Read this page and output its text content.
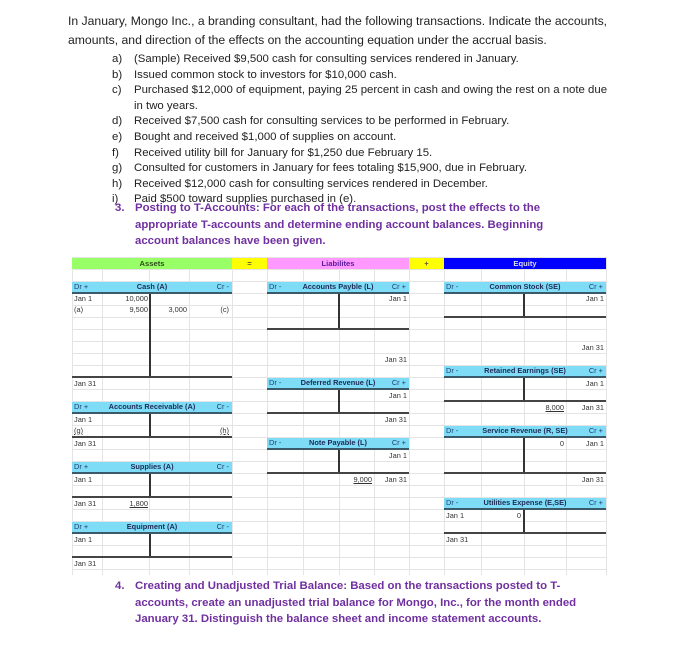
In January, Mongo Inc., a branding consultant, had the following transactions. Indicate the accounts, amounts, and direction of the effects on the accounting equation under the accrual basis.
a) (Sample) Received $9,500 cash for consulting services rendered in January.
b) Issued common stock to investors for $10,000 cash.
c) Purchased $12,000 of equipment, paying 25 percent in cash and owing the rest on a note due in two years.
d) Received $7,500 cash for consulting services to be performed in February.
e) Bought and received $1,000 of supplies on account.
f) Received utility bill for January for $1,250 due February 15.
g) Consulted for customers in January for fees totaling $15,900, due in February.
h) Received $12,000 cash for consulting services rendered in December.
i) Paid $500 toward supplies purchased in (e).
3. Posting to T-Accounts: For each of the transactions, post the effects to the appropriate T-accounts and determine ending account balances. Beginning account balances have been given.
Assets	=	Liabilites	+	Equity
Dr +	Cash (A)	Cr -
Jan 1	10,000
(a)	9,500	3,000	(c)
Jan 31
Dr +	Accounts Receivable (A)	Cr -
Jan 1
(g)	(h)
Jan 31
Dr +	Supplies (A)	Cr -
Jan 1
Jan 31	1,800
Dr +	Equipment (A)	Cr -
Jan 1
Jan 31
Dr -	Accounts Payble (L)	Cr +
Jan 1
Jan 31
Dr -	Deferred Revenue (L)	Cr +
Jan 1
Jan 31
Dr -	Note Payable (L)	Cr +
Jan 1
9,000	Jan 31
Dr -	Common Stock (SE)	Cr +
Jan 1
Jan 31
Dr -	Retained Earnings (SE)	Cr +
Jan 1
8,000	Jan 31
Dr -	Service Revenue (R, SE)	Cr +
0	Jan 1
Jan 31
Dr -	Utilities Expense (E,SE)	Cr +
Jan 1	0
Jan 31
4. Creating and Unadjusted Trial Balance: Based on the transactions posted to T-accounts, create an unadjusted trial balance for Mongo, Inc., for the month ended January 31. Distinguish the balance sheet and income statement accounts.
